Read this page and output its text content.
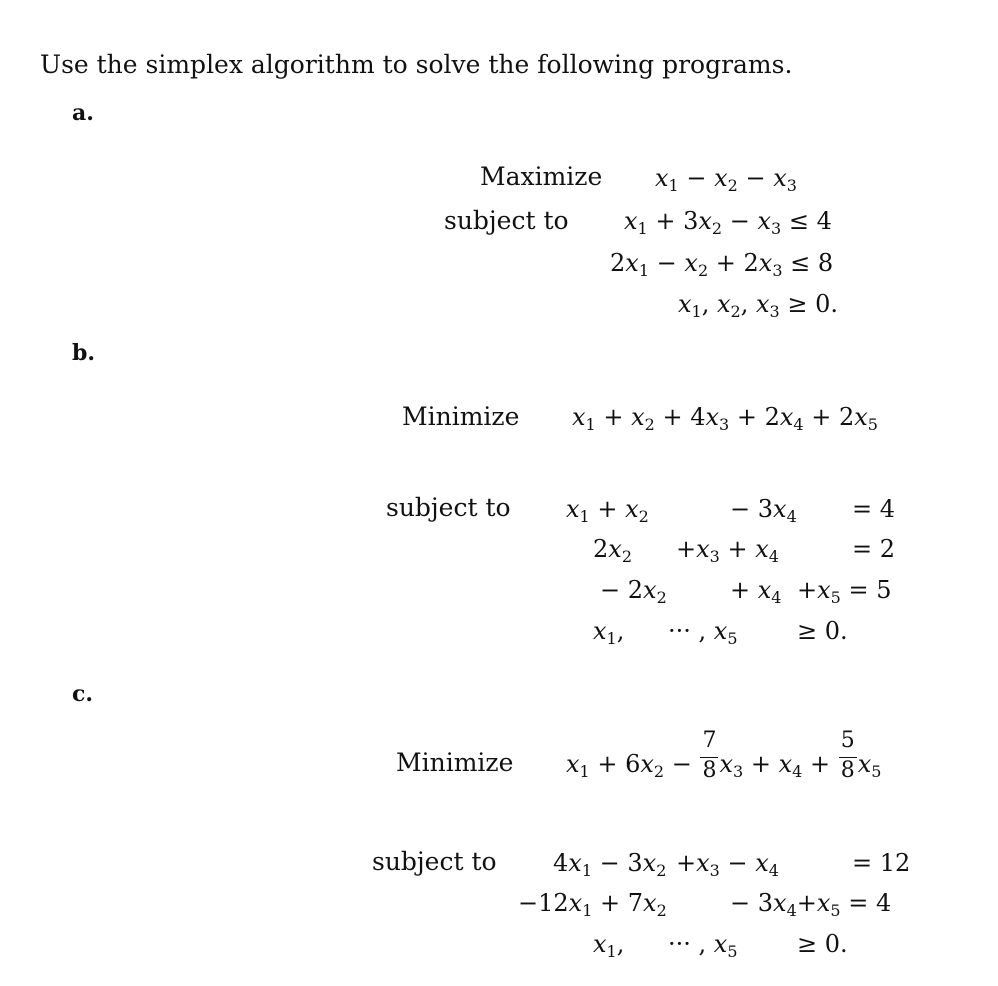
Use the simplex algorithm to solve the following programs.
a.
Maximize
subject to
$x_1 - x_2 - x_3$
$x_1 + 3x_2 - x_3 \le 4$
$2x_1 - x_2 + 2x_3 \le 8$
$x_1$, $x_2$, $x_3 \ge 0$.
b.
Minimize
subject to
$x_1 + x_2 + 4x_3 + 2x_4 + 2x_5$
$x_1 + x_2$	− $3x_4 = 4$
$2x_2 +x_3 + x_4$	= 2
− $2x_2$	+ $x_4 +x_5 = 5$
$x_1$, ··· , $x_5 \ge 0$.
c.
Minimize
subject to
$x_1 + 6x_2 - \frac{7}{8} x_3 + x_4 + \frac{5}{8} x_5$
$4x_1 - 3x_2 +x_3 - x_4$	= 12
$-12x_1 + 7x_2$	− $3x_4+x_5 = 4$
$x_1$, ··· , $x_5 \ge 0$.
